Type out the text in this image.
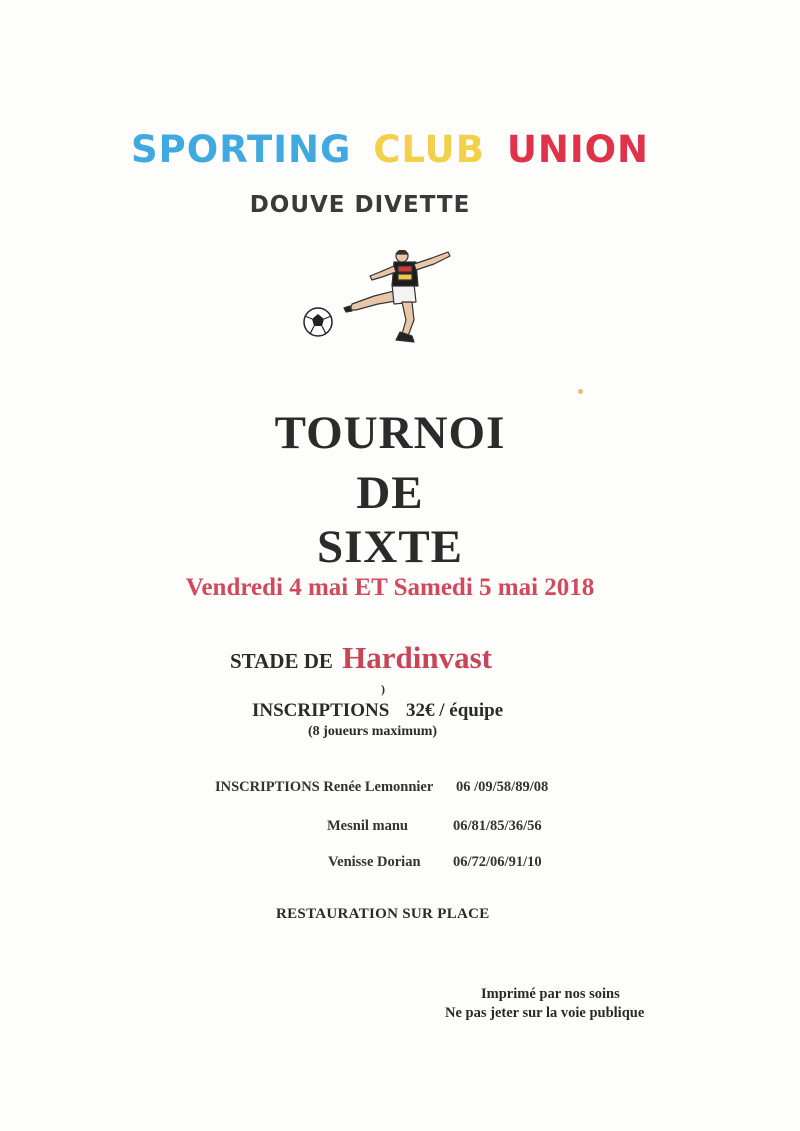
SPORTING CLUB UNION
DOUVE DIVETTE
TOURNOI
DE
SIXTE
Vendredi 4 mai ET Samedi 5 mai 2018
STADE DE Hardinvast
)
INSCRIPTIONS 32€ / équipe
(8 joueurs maximum)
INSCRIPTIONS Renée Lemonnier 06 /09/58/89/08
Mesnil manu	06/81/85/36/56
Venisse Dorian 06/72/06/91/10
RESTAURATION SUR PLACE
Imprimé par nos soins
Ne pas jeter sur la voie publique
